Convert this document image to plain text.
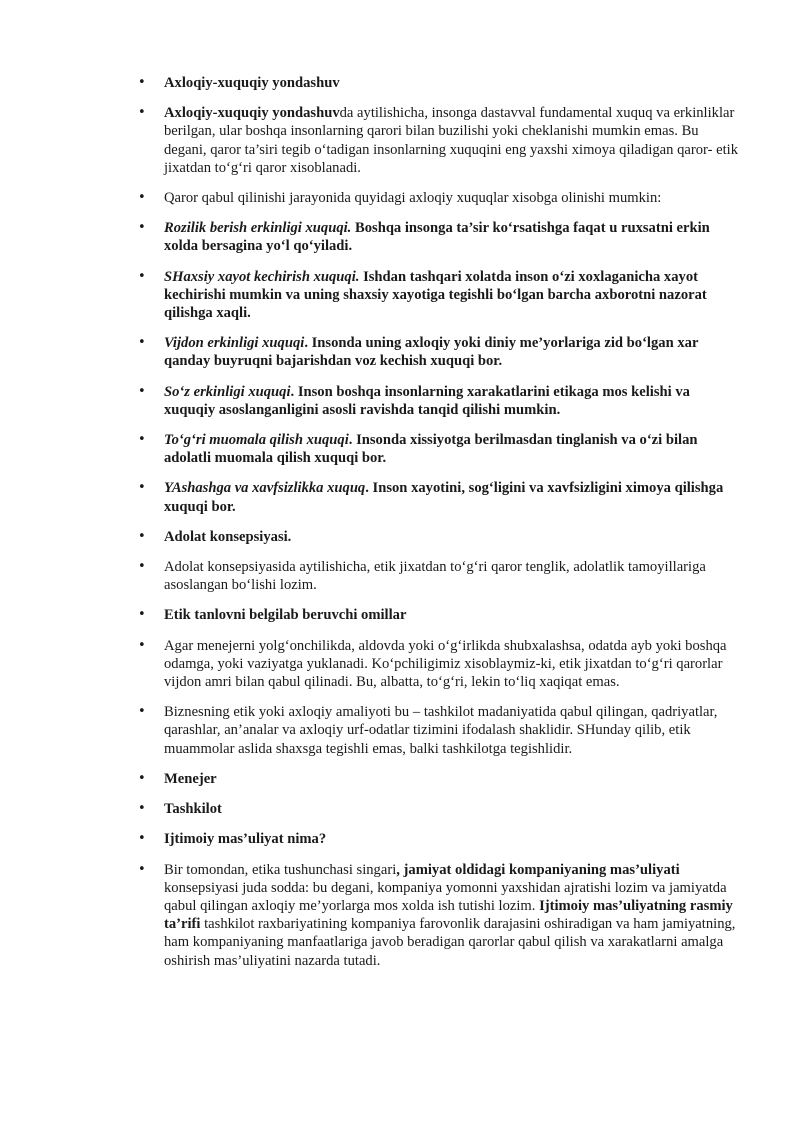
• Axloqiy-xuquqiy yondashuv
• Axloqiy-xuquqiy yondashuvda aytilishicha, insonga dastavval fundamental xuquq va erkinliklar berilgan, ular boshqa insonlarning qarori bilan buzilishi yoki cheklanishi mumkin emas. Bu degani, qaror ta’siri tegib o‘tadigan insonlarning xuquqini eng yaxshi ximoya qiladigan qaror- etik jixatdan to‘g‘ri qaror xisoblanadi.
• Qaror qabul qilinishi jarayonida quyidagi axloqiy xuquqlar xisobga olinishi mumkin:
• Rozilik berish erkinligi xuquqi. Boshqa insonga ta’sir ko‘rsatishga faqat u ruxsatni erkin xolda bersagina yo‘l qo‘yiladi.
• SHaxsiy xayot kechirish xuquqi. Ishdan tashqari xolatda inson o‘zi xoxlaganicha xayot kechirishi mumkin va uning shaxsiy xayotiga tegishli bo‘lgan barcha axborotni nazorat qilishga xaqli.
• Vijdon erkinligi xuquqi. Insonda uning axloqiy yoki diniy me’yorlariga zid bo‘lgan xar qanday buyruqni bajarishdan voz kechish xuquqi bor.
• So‘z erkinligi xuquqi. Inson boshqa insonlarning xarakatlarini etikaga mos kelishi va xuquqiy asoslanganligini asosli ravishda tanqid qilishi mumkin.
• To‘g‘ri muomala qilish xuquqi. Insonda xissiyotga berilmasdan tinglanish va o‘zi bilan adolatli muomala qilish xuquqi bor.
• YAshashga va xavfsizlikka xuquq. Inson xayotini, sog‘ligini va xavfsizligini ximoya qilishga xuquqi bor.
• Adolat konsepsiyasi.
• Adolat konsepsiyasida aytilishicha, etik jixatdan to‘g‘ri qaror tenglik, adolatlik tamoyillariga asoslangan bo‘lishi lozim.
• Etik tanlovni belgilab beruvchi omillar
• Agar menejerni yolg‘onchilikda, aldovda yoki o‘g‘irlikda shubxalashsa, odatda ayb yoki boshqa odamga, yoki vaziyatga yuklanadi. Ko‘pchiligimiz xisoblaymiz-ki, etik jixatdan to‘g‘ri qarorlar vijdon amri bilan qabul qilinadi. Bu, albatta, to‘g‘ri, lekin to‘liq xaqiqat emas.
• Biznesning etik yoki axloqiy amaliyoti bu – tashkilot madaniyatida qabul qilingan, qadriyatlar, qarashlar, an’analar va axloqiy urf-odatlar tizimini ifodalash shaklidir. SHunday qilib, etik muammolar aslida shaxsga tegishli emas, balki tashkilotga tegishlidir.
• Menejer
• Tashkilot
• Ijtimoiy mas’uliyat nima?
• Bir tomondan, etika tushunchasi singari, jamiyat oldidagi kompaniyaning mas’uliyati konsepsiyasi juda sodda: bu degani, kompaniya yomonni yaxshidan ajratishi lozim va jamiyatda qabul qilingan axloqiy me’yorlarga mos xolda ish tutishi lozim. Ijtimoiy mas’uliyatning rasmiy ta’rifi tashkilot raxbariyatining kompaniya farovonlik darajasini oshiradigan va ham jamiyatning, ham kompaniyaning manfaatlariga javob beradigan qarorlar qabul qilish va xarakatlarni amalga oshirish mas’uliyatini nazarda tutadi.
